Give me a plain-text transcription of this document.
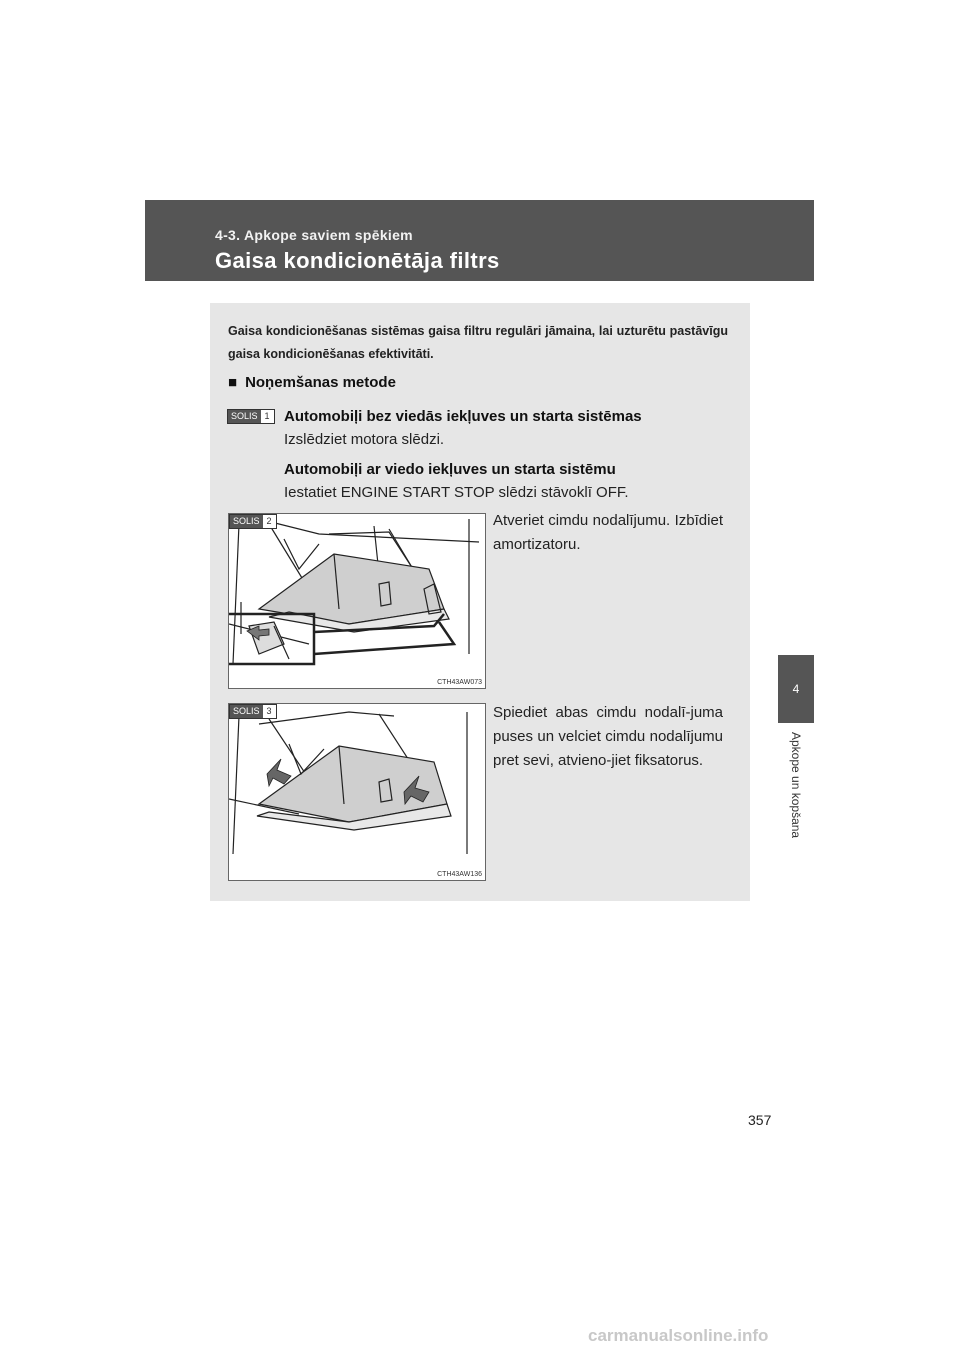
4-3. Apkope saviem spēkiem
Gaisa kondicionētāja filtrs
4
Apkope un kopšana
Gaisa kondicionēšanas sistēmas gaisa filtru regulāri jāmaina, lai uzturētu pastāvīgu gaisa kondicionēšanas efektivitāti.
■ Noņemšanas metode
SOLIS 1 Automobiļi bez viedās iekļuves un starta sistēmas
Izslēdziet motora slēdzi.
Automobiļi ar viedo iekļuves un starta sistēmu
Iestatiet ENGINE START STOP slēdzi stāvoklī OFF.
SOLIS 2
CTH43AW073
Atveriet cimdu nodalījumu. Izbīdiet amortizatoru.
SOLIS 3
CTH43AW136
Spiediet abas cimdu nodalī-juma puses un velciet cimdu nodalījumu pret sevi, atvieno-jiet fiksatorus.
357
carmanualsonline.info
